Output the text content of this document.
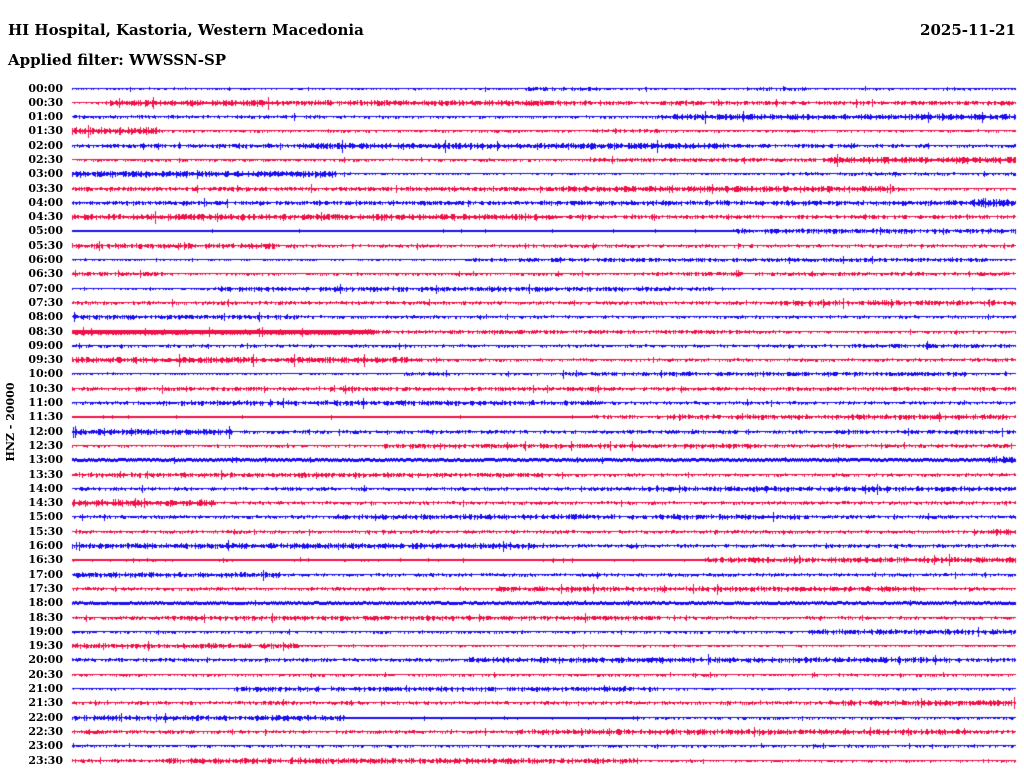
00:00
00:30
01:00
01:30
02:00
02:30
03:00
03:30
04:00
04:30
05:00
05:30
06:00
06:30
07:00
07:30
08:00
08:30
09:00
09:30
10:00
10:30
11:00
11:30
12:00
12:30
13:00
13:30
14:00
14:30
15:00
15:30
16:00
16:30
17:00
17:30
18:00
18:30
19:00
19:30
20:00
20:30
21:00
21:30
22:00
22:30
23:00
23:30
